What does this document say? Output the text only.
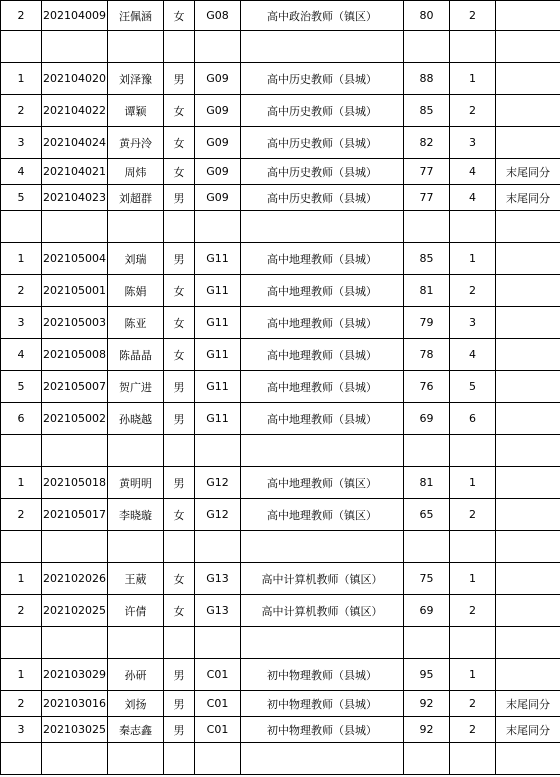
2	202104009	汪佩涵	女	G08	高中政治教师（镇区）	80	2	

1	202104020	刘泽豫	男	G09	高中历史教师（县城）	88	1	
2	202104022	谭颖	女	G09	高中历史教师（县城）	85	2	
3	202104024	黄丹泠	女	G09	高中历史教师（县城）	82	3	
4	202104021	周炜	女	G09	高中历史教师（县城）	77	4	末尾同分
5	202104023	刘超群	男	G09	高中历史教师（县城）	77	4	末尾同分

1	202105004	刘瑞	男	G11	高中地理教师（县城）	85	1	
2	202105001	陈娟	女	G11	高中地理教师（县城）	81	2	
3	202105003	陈亚	女	G11	高中地理教师（县城）	79	3	
4	202105008	陈晶晶	女	G11	高中地理教师（县城）	78	4	
5	202105007	贺广进	男	G11	高中地理教师（县城）	76	5	
6	202105002	孙晓越	男	G11	高中地理教师（县城）	69	6	

1	202105018	黄明明	男	G12	高中地理教师（镇区）	81	1	
2	202105017	李晓璇	女	G12	高中地理教师（镇区）	65	2	

1	202102026	王葳	女	G13	高中计算机教师（镇区）	75	1	
2	202102025	许倩	女	G13	高中计算机教师（镇区）	69	2	

1	202103029	孙研	男	C01	初中物理教师（县城）	95	1	
2	202103016	刘扬	男	C01	初中物理教师（县城）	92	2	末尾同分
3	202103025	秦志鑫	男	C01	初中物理教师（县城）	92	2	末尾同分
